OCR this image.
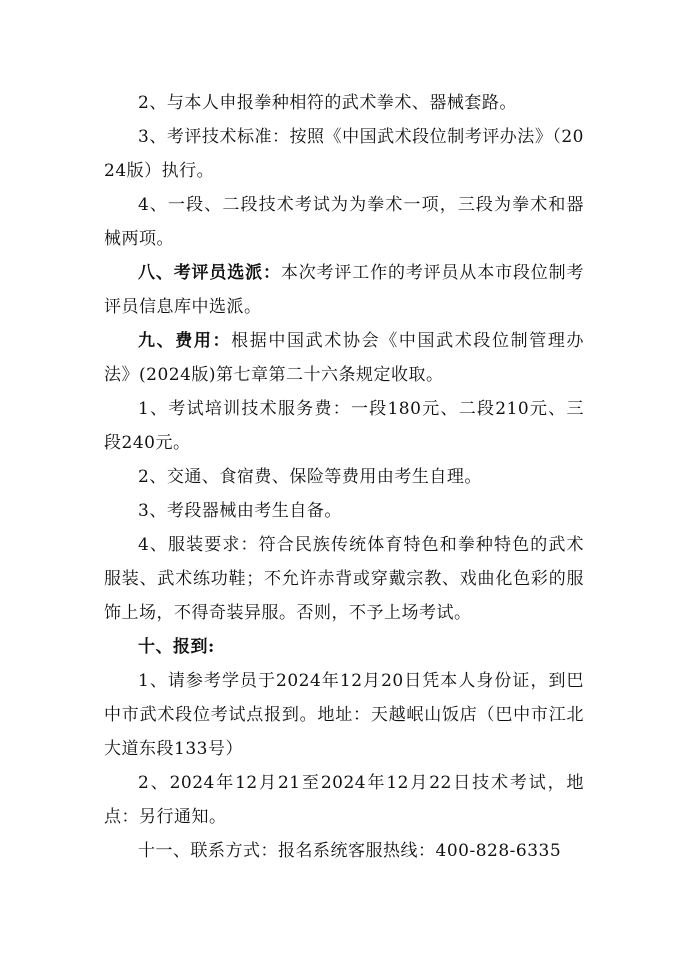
2、与本人申报拳种相符的武术拳术、器械套路。

3、考评技术标准：按照《中国武术段位制考评办法》（2024版）执行。

4、一段、二段技术考试为为拳术一项，三段为拳术和器械两项。

八、考评员选派：本次考评工作的考评员从本市段位制考评员信息库中选派。

九、费用：根据中国武术协会《中国武术段位制管理办法》(2024版)第七章第二十六条规定收取。

1、考试培训技术服务费：一段180元、二段210元、三段240元。

2、交通、食宿费、保险等费用由考生自理。

3、考段器械由考生自备。

4、服装要求：符合民族传统体育特色和拳种特色的武术服装、武术练功鞋；不允许赤背或穿戴宗教、戏曲化色彩的服饰上场，不得奇装异服。否则，不予上场考试。

十、报到:

1、请参考学员于2024年12月20日凭本人身份证，到巴中市武术段位考试点报到。地址：天越岷山饭店（巴中市江北大道东段133号）

2、2024年12月21至2024年12月22日技术考试，地点：另行通知。

十一、联系方式：报名系统客服热线：400-828-6335
